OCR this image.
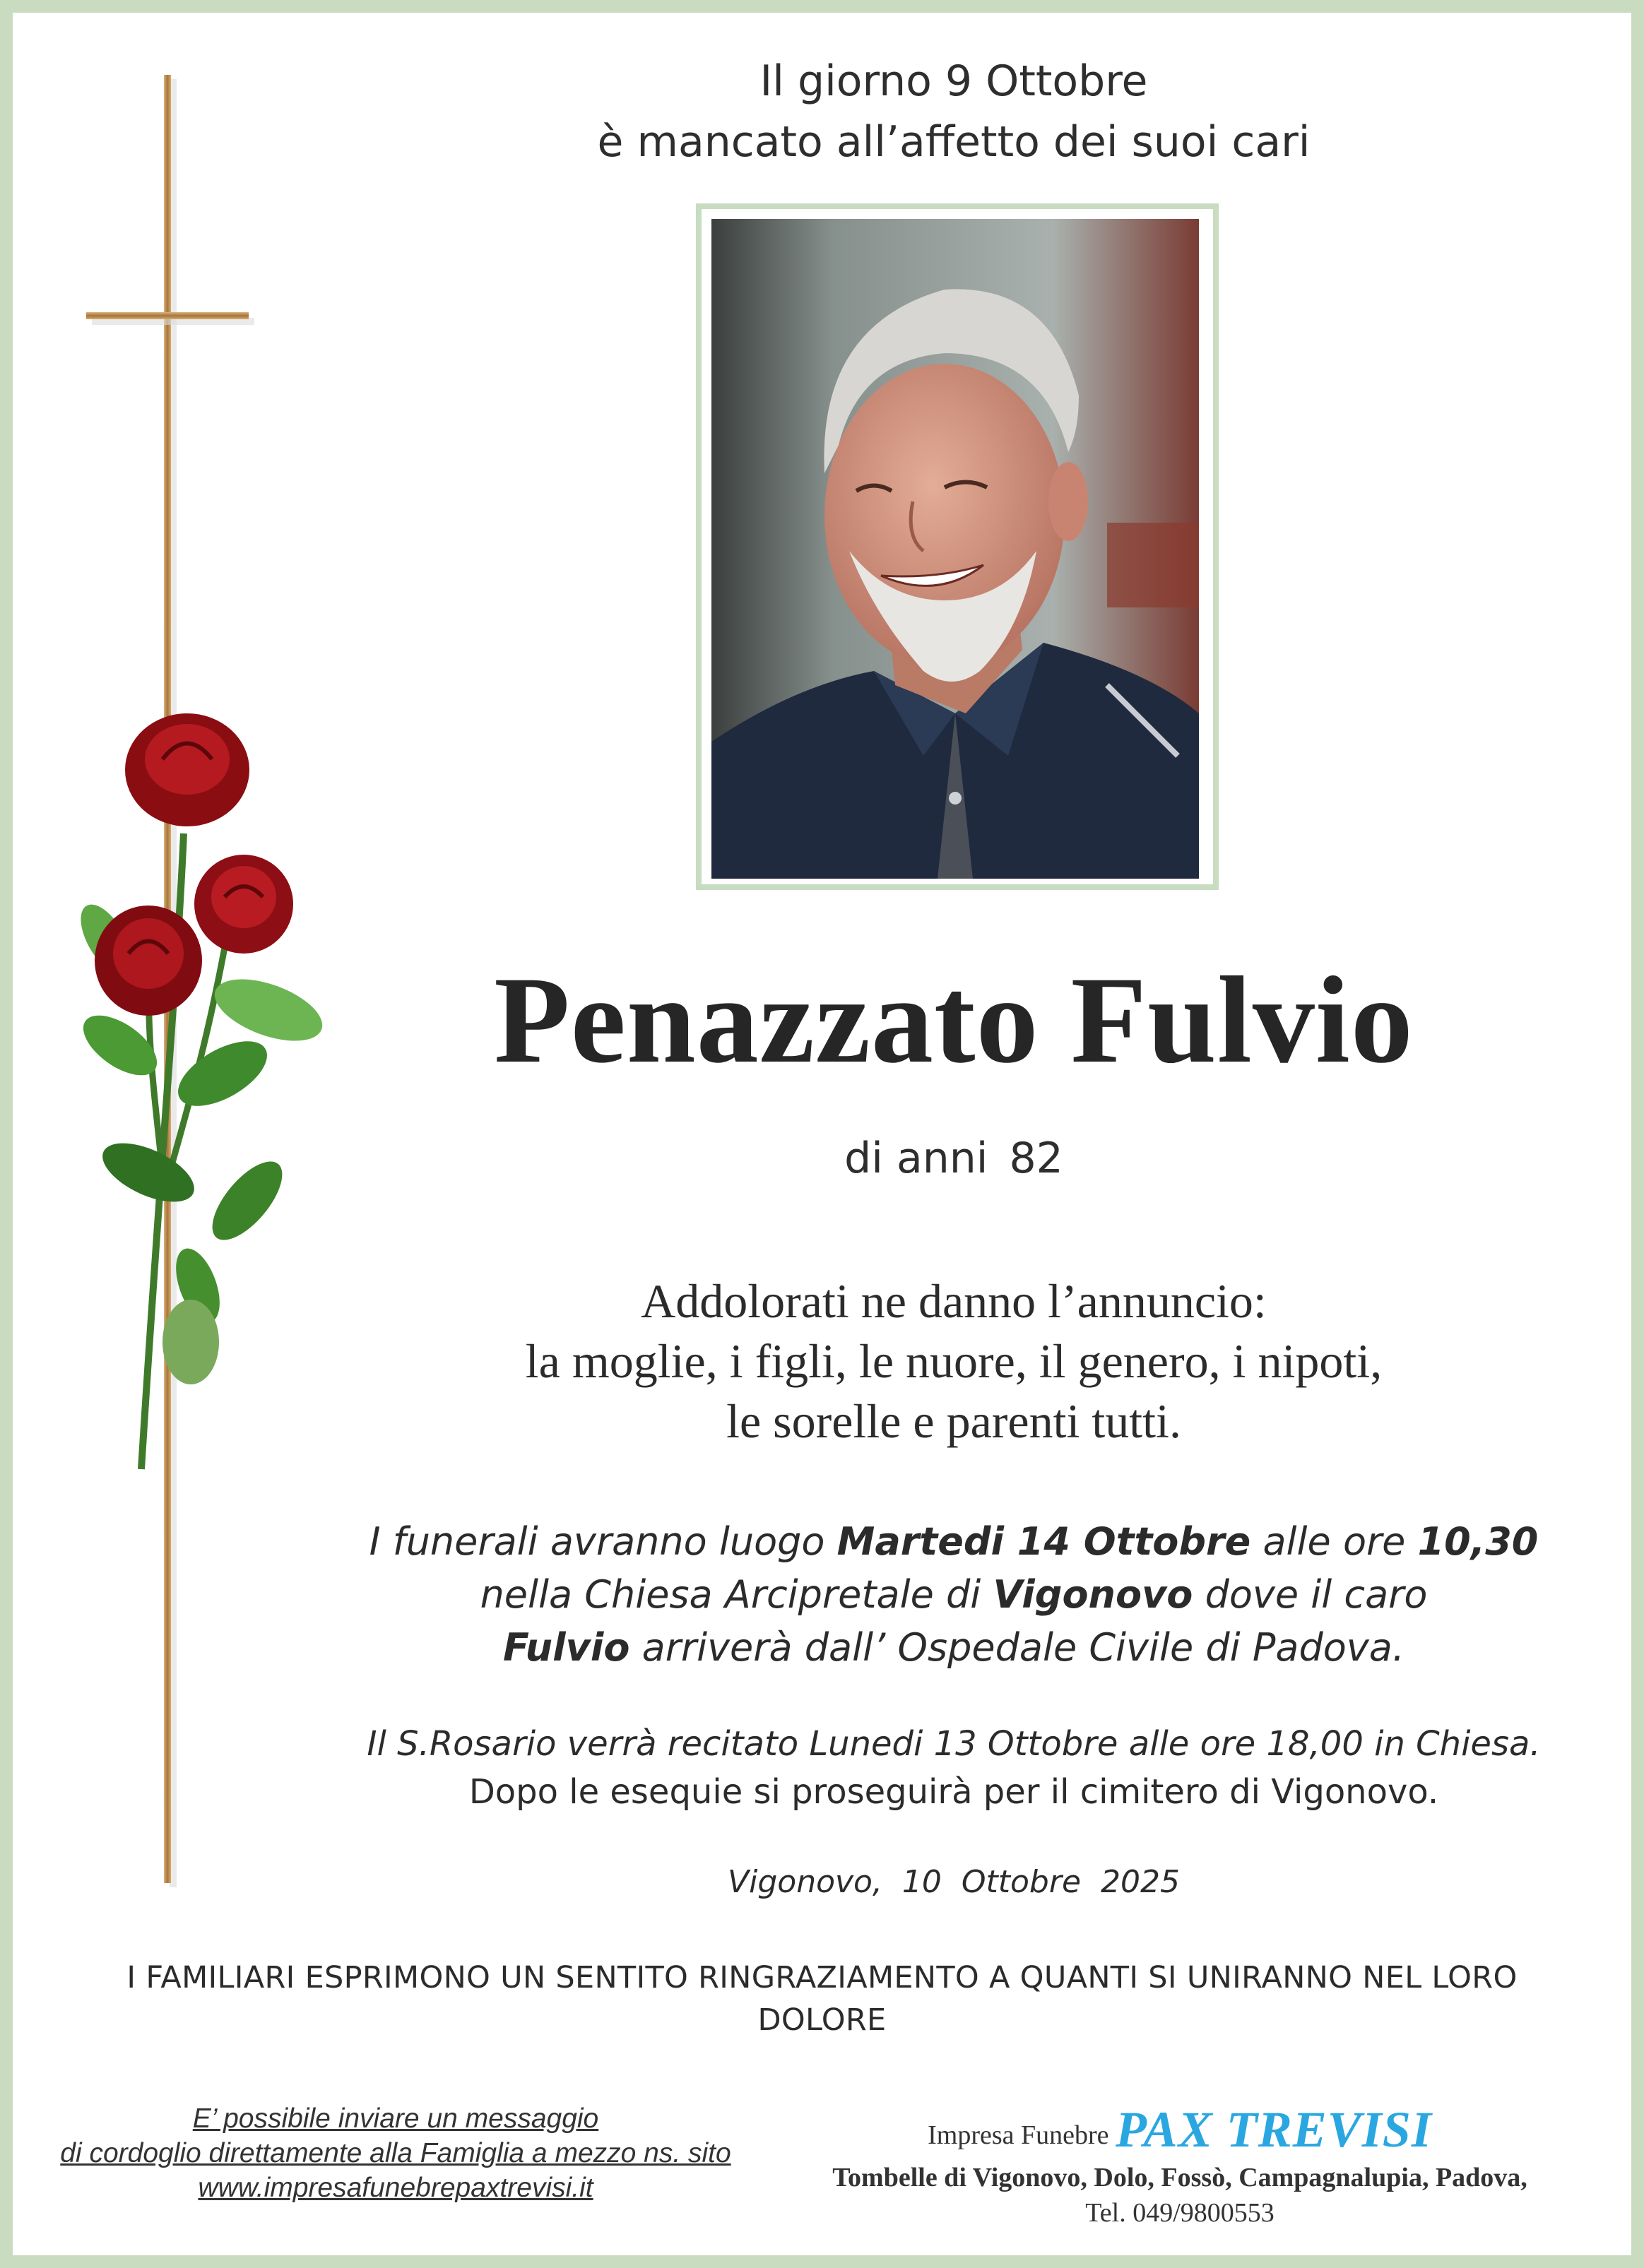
Il giorno 9 Ottobre
è mancato all’affetto dei suoi cari
Penazzato Fulvio
di anni 82
Addolorati ne danno l’annuncio:
la moglie, i figli, le nuore, il genero, i nipoti,
le sorelle e parenti tutti.
I funerali avranno luogo Martedi 14 Ottobre alle ore 10,30
nella Chiesa Arcipretale di Vigonovo dove il caro
Fulvio arriverà dall’ Ospedale Civile di Padova.
Il S.Rosario verrà recitato Lunedi 13 Ottobre alle ore 18,00 in Chiesa.
Dopo le esequie si proseguirà per il cimitero di Vigonovo.
Vigonovo,  10  Ottobre  2025
I FAMILIARI ESPRIMONO UN SENTITO RINGRAZIAMENTO A QUANTI SI UNIRANNO NEL LORO DOLORE
E’ possibile inviare un messaggio
di cordoglio direttamente alla Famiglia a mezzo ns. sito
www.impresafunebrepaxtrevisi.it
Impresa Funebre PAX TREVISI
Tombelle di Vigonovo, Dolo, Fossò, Campagnalupia, Padova,
Tel. 049/9800553
